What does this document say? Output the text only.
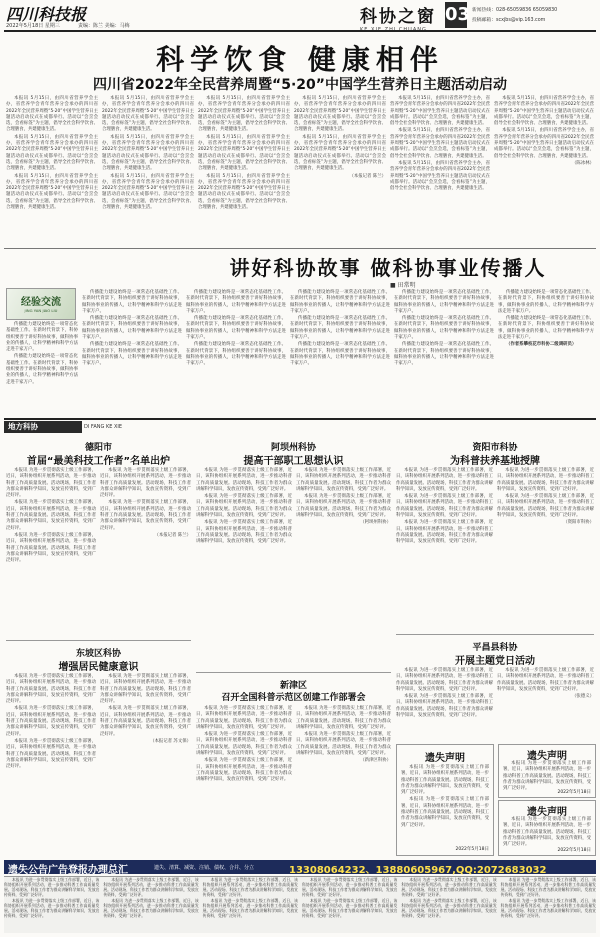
四川科技报
2022年5月18日 星期三	责编：陈兰 美编：马梅	科协之窗 03 新闻热线：028-65059836 65059830
投稿邮箱：scxjbs@vip.163.com
科学饮食 健康相伴
四川省2022年全民营养周暨“5·20”中国学生营养日主题活动启动

本报讯 5月15日，由四川省营养学会主办，省营养学会青年营养分会承办的四川省2022年全民营养周暨“5·20”中国学生营养日主题活动启动仪式在成都举行。活动以“会烹会选，会看标签”为主题，倡导全社会科学饮食、合理膳食，共建健康生活。

本报讯 5月15日，由四川省营养学会主办，省营养学会青年营养分会承办的四川省2022年全民营养周暨“5·20”中国学生营养日主题活动启动仪式在成都举行。活动以“会烹会选，会看标签”为主题，倡导全社会科学饮食、合理膳食，共建健康生活。

本报讯 5月15日，由四川省营养学会主办，省营养学会青年营养分会承办的四川省2022年全民营养周暨“5·20”中国学生营养日主题活动启动仪式在成都举行。活动以“会烹会选，会看标签”为主题，倡导全社会科学饮食、合理膳食，共建健康生活。

本报讯 5月15日，由四川省营养学会主办，省营养学会青年营养分会承办的四川省2022年全民营养周暨“5·20”中国学生营养日主题活动启动仪式在成都举行。活动以“会烹会选，会看标签”为主题，倡导全社会科学饮食、合理膳食，共建健康生活。

本报讯 5月15日，由四川省营养学会主办，省营养学会青年营养分会承办的四川省2022年全民营养周暨“5·20”中国学生营养日主题活动启动仪式在成都举行。活动以“会烹会选，会看标签”为主题，倡导全社会科学饮食、合理膳食，共建健康生活。

本报讯 5月15日，由四川省营养学会主办，省营养学会青年营养分会承办的四川省2022年全民营养周暨“5·20”中国学生营养日主题活动启动仪式在成都举行。活动以“会烹会选，会看标签”为主题，倡导全社会科学饮食、合理膳食，共建健康生活。

本报讯 5月15日，由四川省营养学会主办，省营养学会青年营养分会承办的四川省2022年全民营养周暨“5·20”中国学生营养日主题活动启动仪式在成都举行。活动以“会烹会选，会看标签”为主题，倡导全社会科学饮食、合理膳食，共建健康生活。

本报讯 5月15日，由四川省营养学会主办，省营养学会青年营养分会承办的四川省2022年全民营养周暨“5·20”中国学生营养日主题活动启动仪式在成都举行。活动以“会烹会选，会看标签”为主题，倡导全社会科学饮食、合理膳食，共建健康生活。

本报讯 5月15日，由四川省营养学会主办，省营养学会青年营养分会承办的四川省2022年全民营养周暨“5·20”中国学生营养日主题活动启动仪式在成都举行。活动以“会烹会选，会看标签”为主题，倡导全社会科学饮食、合理膳食，共建健康生活。

本报讯 5月15日，由四川省营养学会主办，省营养学会青年营养分会承办的四川省2022年全民营养周暨“5·20”中国学生营养日主题活动启动仪式在成都举行。活动以“会烹会选，会看标签”为主题，倡导全社会科学饮食、合理膳食，共建健康生活。

本报讯 5月15日，由四川省营养学会主办，省营养学会青年营养分会承办的四川省2022年全民营养周暨“5·20”中国学生营养日主题活动启动仪式在成都举行。活动以“会烹会选，会看标签”为主题，倡导全社会科学饮食、合理膳食，共建健康生活。

（本报记者 陈兰）

本报讯 5月15日，由四川省营养学会主办，省营养学会青年营养分会承办的四川省2022年全民营养周暨“5·20”中国学生营养日主题活动启动仪式在成都举行。活动以“会烹会选，会看标签”为主题，倡导全社会科学饮食、合理膳食，共建健康生活。

本报讯 5月15日，由四川省营养学会主办，省营养学会青年营养分会承办的四川省2022年全民营养周暨“5·20”中国学生营养日主题活动启动仪式在成都举行。活动以“会烹会选，会看标签”为主题，倡导全社会科学饮食、合理膳食，共建健康生活。

本报讯 5月15日，由四川省营养学会主办，省营养学会青年营养分会承办的四川省2022年全民营养周暨“5·20”中国学生营养日主题活动启动仪式在成都举行。活动以“会烹会选，会看标签”为主题，倡导全社会科学饮食、合理膳食，共建健康生活。

本报讯 5月15日，由四川省营养学会主办，省营养学会青年营养分会承办的四川省2022年全民营养周暨“5·20”中国学生营养日主题活动启动仪式在成都举行。活动以“会烹会选，会看标签”为主题，倡导全社会科学饮食、合理膳食，共建健康生活。

本报讯 5月15日，由四川省营养学会主办，省营养学会青年营养分会承办的四川省2022年全民营养周暨“5·20”中国学生营养日主题活动启动仪式在成都举行。活动以“会烹会选，会看标签”为主题，倡导全社会科学饮食、合理膳食，共建健康生活。

（陈冰林）

讲好科协故事 做科协事业传播人
■ 田常明
经验交流
JING YAN JIAO LIU

传播能力建设始终是一项常态化基础性工作。在新时代背景下，科协组织要善于讲好科协故事，做科协事业的传播人，让科学精神和科学方法走进千家万户。

传播能力建设始终是一项常态化基础性工作。在新时代背景下，科协组织要善于讲好科协故事，做科协事业的传播人，让科学精神和科学方法走进千家万户。

传播能力建设始终是一项常态化基础性工作。在新时代背景下，科协组织要善于讲好科协故事，做科协事业的传播人，让科学精神和科学方法走进千家万户。

传播能力建设始终是一项常态化基础性工作。在新时代背景下，科协组织要善于讲好科协故事，做科协事业的传播人，让科学精神和科学方法走进千家万户。

传播能力建设始终是一项常态化基础性工作。在新时代背景下，科协组织要善于讲好科协故事，做科协事业的传播人，让科学精神和科学方法走进千家万户。

传播能力建设始终是一项常态化基础性工作。在新时代背景下，科协组织要善于讲好科协故事，做科协事业的传播人，让科学精神和科学方法走进千家万户。

传播能力建设始终是一项常态化基础性工作。在新时代背景下，科协组织要善于讲好科协故事，做科协事业的传播人，让科学精神和科学方法走进千家万户。

传播能力建设始终是一项常态化基础性工作。在新时代背景下，科协组织要善于讲好科协故事，做科协事业的传播人，让科学精神和科学方法走进千家万户。

传播能力建设始终是一项常态化基础性工作。在新时代背景下，科协组织要善于讲好科协故事，做科协事业的传播人，让科学精神和科学方法走进千家万户。

传播能力建设始终是一项常态化基础性工作。在新时代背景下，科协组织要善于讲好科协故事，做科协事业的传播人，让科学精神和科学方法走进千家万户。

传播能力建设始终是一项常态化基础性工作。在新时代背景下，科协组织要善于讲好科协故事，做科协事业的传播人，让科学精神和科学方法走进千家万户。

传播能力建设始终是一项常态化基础性工作。在新时代背景下，科协组织要善于讲好科协故事，做科协事业的传播人，让科学精神和科学方法走进千家万户。

传播能力建设始终是一项常态化基础性工作。在新时代背景下，科协组织要善于讲好科协故事，做科协事业的传播人，让科学精神和科学方法走进千家万户。

传播能力建设始终是一项常态化基础性工作。在新时代背景下，科协组织要善于讲好科协故事，做科协事业的传播人，让科学精神和科学方法走进千家万户。

传播能力建设始终是一项常态化基础性工作。在新时代背景下，科协组织要善于讲好科协故事，做科协事业的传播人，让科学精神和科学方法走进千家万户。

传播能力建设始终是一项常态化基础性工作。在新时代背景下，科协组织要善于讲好科协故事，做科协事业的传播人，让科学精神和科学方法走进千家万户。

（作者系攀枝花市科协二级调研员）

地方科协	DI FANG KE XIE
德阳市
首届“最美科技工作者”名单出炉

本报讯 为进一步贯彻落实上级工作部署，近日，该科协组织开展系列活动，进一步推动科普工作高质量发展。活动现场，科技工作者为群众讲解科学知识，发放宣传资料，受到广泛好评。

本报讯 为进一步贯彻落实上级工作部署，近日，该科协组织开展系列活动，进一步推动科普工作高质量发展。活动现场，科技工作者为群众讲解科学知识，发放宣传资料，受到广泛好评。

本报讯 为进一步贯彻落实上级工作部署，近日，该科协组织开展系列活动，进一步推动科普工作高质量发展。活动现场，科技工作者为群众讲解科学知识，发放宣传资料，受到广泛好评。

本报讯 为进一步贯彻落实上级工作部署，近日，该科协组织开展系列活动，进一步推动科普工作高质量发展。活动现场，科技工作者为群众讲解科学知识，发放宣传资料，受到广泛好评。

本报讯 为进一步贯彻落实上级工作部署，近日，该科协组织开展系列活动，进一步推动科普工作高质量发展。活动现场，科技工作者为群众讲解科学知识，发放宣传资料，受到广泛好评。

（本报记者 陈兰）

阿坝州科协
提高干部职工思想认识

本报讯 为进一步贯彻落实上级工作部署，近日，该科协组织开展系列活动，进一步推动科普工作高质量发展。活动现场，科技工作者为群众讲解科学知识，发放宣传资料，受到广泛好评。

本报讯 为进一步贯彻落实上级工作部署，近日，该科协组织开展系列活动，进一步推动科普工作高质量发展。活动现场，科技工作者为群众讲解科学知识，发放宣传资料，受到广泛好评。

本报讯 为进一步贯彻落实上级工作部署，近日，该科协组织开展系列活动，进一步推动科普工作高质量发展。活动现场，科技工作者为群众讲解科学知识，发放宣传资料，受到广泛好评。

本报讯 为进一步贯彻落实上级工作部署，近日，该科协组织开展系列活动，进一步推动科普工作高质量发展。活动现场，科技工作者为群众讲解科学知识，发放宣传资料，受到广泛好评。

本报讯 为进一步贯彻落实上级工作部署，近日，该科协组织开展系列活动，进一步推动科普工作高质量发展。活动现场，科技工作者为群众讲解科学知识，发放宣传资料，受到广泛好评。

（阿坝州科协）

资阳市科协
为科普扶养基地授牌

本报讯 为进一步贯彻落实上级工作部署，近日，该科协组织开展系列活动，进一步推动科普工作高质量发展。活动现场，科技工作者为群众讲解科学知识，发放宣传资料，受到广泛好评。

本报讯 为进一步贯彻落实上级工作部署，近日，该科协组织开展系列活动，进一步推动科普工作高质量发展。活动现场，科技工作者为群众讲解科学知识，发放宣传资料，受到广泛好评。

本报讯 为进一步贯彻落实上级工作部署，近日，该科协组织开展系列活动，进一步推动科普工作高质量发展。活动现场，科技工作者为群众讲解科学知识，发放宣传资料，受到广泛好评。

本报讯 为进一步贯彻落实上级工作部署，近日，该科协组织开展系列活动，进一步推动科普工作高质量发展。活动现场，科技工作者为群众讲解科学知识，发放宣传资料，受到广泛好评。

本报讯 为进一步贯彻落实上级工作部署，近日，该科协组织开展系列活动，进一步推动科普工作高质量发展。活动现场，科技工作者为群众讲解科学知识，发放宣传资料，受到广泛好评。

（资阳市科协）

东坡区科协
增强居民健康意识

本报讯 为进一步贯彻落实上级工作部署，近日，该科协组织开展系列活动，进一步推动科普工作高质量发展。活动现场，科技工作者为群众讲解科学知识，发放宣传资料，受到广泛好评。

本报讯 为进一步贯彻落实上级工作部署，近日，该科协组织开展系列活动，进一步推动科普工作高质量发展。活动现场，科技工作者为群众讲解科学知识，发放宣传资料，受到广泛好评。

本报讯 为进一步贯彻落实上级工作部署，近日，该科协组织开展系列活动，进一步推动科普工作高质量发展。活动现场，科技工作者为群众讲解科学知识，发放宣传资料，受到广泛好评。

本报讯 为进一步贯彻落实上级工作部署，近日，该科协组织开展系列活动，进一步推动科普工作高质量发展。活动现场，科技工作者为群众讲解科学知识，发放宣传资料，受到广泛好评。

本报讯 为进一步贯彻落实上级工作部署，近日，该科协组织开展系列活动，进一步推动科普工作高质量发展。活动现场，科技工作者为群众讲解科学知识，发放宣传资料，受到广泛好评。

（本报记者 苏文保）

新津区
召开全国科普示范区创建工作部署会

本报讯 为进一步贯彻落实上级工作部署，近日，该科协组织开展系列活动，进一步推动科普工作高质量发展。活动现场，科技工作者为群众讲解科学知识，发放宣传资料，受到广泛好评。

本报讯 为进一步贯彻落实上级工作部署，近日，该科协组织开展系列活动，进一步推动科普工作高质量发展。活动现场，科技工作者为群众讲解科学知识，发放宣传资料，受到广泛好评。

本报讯 为进一步贯彻落实上级工作部署，近日，该科协组织开展系列活动，进一步推动科普工作高质量发展。活动现场，科技工作者为群众讲解科学知识，发放宣传资料，受到广泛好评。

本报讯 为进一步贯彻落实上级工作部署，近日，该科协组织开展系列活动，进一步推动科普工作高质量发展。活动现场，科技工作者为群众讲解科学知识，发放宣传资料，受到广泛好评。

本报讯 为进一步贯彻落实上级工作部署，近日，该科协组织开展系列活动，进一步推动科普工作高质量发展。活动现场，科技工作者为群众讲解科学知识，发放宣传资料，受到广泛好评。

（新津区科协）

平昌县科协
开展主题党日活动

本报讯 为进一步贯彻落实上级工作部署，近日，该科协组织开展系列活动，进一步推动科普工作高质量发展。活动现场，科技工作者为群众讲解科学知识，发放宣传资料，受到广泛好评。

本报讯 为进一步贯彻落实上级工作部署，近日，该科协组织开展系列活动，进一步推动科普工作高质量发展。活动现场，科技工作者为群众讲解科学知识，发放宣传资料，受到广泛好评。

本报讯 为进一步贯彻落实上级工作部署，近日，该科协组织开展系列活动，进一步推动科普工作高质量发展。活动现场，科技工作者为群众讲解科学知识，发放宣传资料，受到广泛好评。

（张德义）

遗失声明

本报讯 为进一步贯彻落实上级工作部署，近日，该科协组织开展系列活动，进一步推动科普工作高质量发展。活动现场，科技工作者为群众讲解科学知识，发放宣传资料，受到广泛好评。

本报讯 为进一步贯彻落实上级工作部署，近日，该科协组织开展系列活动，进一步推动科普工作高质量发展。活动现场，科技工作者为群众讲解科学知识，发放宣传资料，受到广泛好评。

2022年5月18日
遗失声明

本报讯 为进一步贯彻落实上级工作部署，近日，该科协组织开展系列活动，进一步推动科普工作高质量发展。活动现场，科技工作者为群众讲解科学知识，发放宣传资料，受到广泛好评。

2022年5月18日
遗失声明

本报讯 为进一步贯彻落实上级工作部署，近日，该科协组织开展系列活动，进一步推动科普工作高质量发展。活动现场，科技工作者为群众讲解科学知识，发放宣传资料，受到广泛好评。

2022年5月18日
遗失公告广告登报办理总汇	遗失、清算、减资、注销、债权、合并、分立	13308064232、13880605967,QQ:2072683032

本报讯 为进一步贯彻落实上级工作部署，近日，该科协组织开展系列活动，进一步推动科普工作高质量发展。活动现场，科技工作者为群众讲解科学知识，发放宣传资料，受到广泛好评。

本报讯 为进一步贯彻落实上级工作部署，近日，该科协组织开展系列活动，进一步推动科普工作高质量发展。活动现场，科技工作者为群众讲解科学知识，发放宣传资料，受到广泛好评。

本报讯 为进一步贯彻落实上级工作部署，近日，该科协组织开展系列活动，进一步推动科普工作高质量发展。活动现场，科技工作者为群众讲解科学知识，发放宣传资料，受到广泛好评。

本报讯 为进一步贯彻落实上级工作部署，近日，该科协组织开展系列活动，进一步推动科普工作高质量发展。活动现场，科技工作者为群众讲解科学知识，发放宣传资料，受到广泛好评。

本报讯 为进一步贯彻落实上级工作部署，近日，该科协组织开展系列活动，进一步推动科普工作高质量发展。活动现场，科技工作者为群众讲解科学知识，发放宣传资料，受到广泛好评。

本报讯 为进一步贯彻落实上级工作部署，近日，该科协组织开展系列活动，进一步推动科普工作高质量发展。活动现场，科技工作者为群众讲解科学知识，发放宣传资料，受到广泛好评。

本报讯 为进一步贯彻落实上级工作部署，近日，该科协组织开展系列活动，进一步推动科普工作高质量发展。活动现场，科技工作者为群众讲解科学知识，发放宣传资料，受到广泛好评。

本报讯 为进一步贯彻落实上级工作部署，近日，该科协组织开展系列活动，进一步推动科普工作高质量发展。活动现场，科技工作者为群众讲解科学知识，发放宣传资料，受到广泛好评。

本报讯 为进一步贯彻落实上级工作部署，近日，该科协组织开展系列活动，进一步推动科普工作高质量发展。活动现场，科技工作者为群众讲解科学知识，发放宣传资料，受到广泛好评。

本报讯 为进一步贯彻落实上级工作部署，近日，该科协组织开展系列活动，进一步推动科普工作高质量发展。活动现场，科技工作者为群众讲解科学知识，发放宣传资料，受到广泛好评。

本报讯 为进一步贯彻落实上级工作部署，近日，该科协组织开展系列活动，进一步推动科普工作高质量发展。活动现场，科技工作者为群众讲解科学知识，发放宣传资料，受到广泛好评。

本报讯 为进一步贯彻落实上级工作部署，近日，该科协组织开展系列活动，进一步推动科普工作高质量发展。活动现场，科技工作者为群众讲解科学知识，发放宣传资料，受到广泛好评。
